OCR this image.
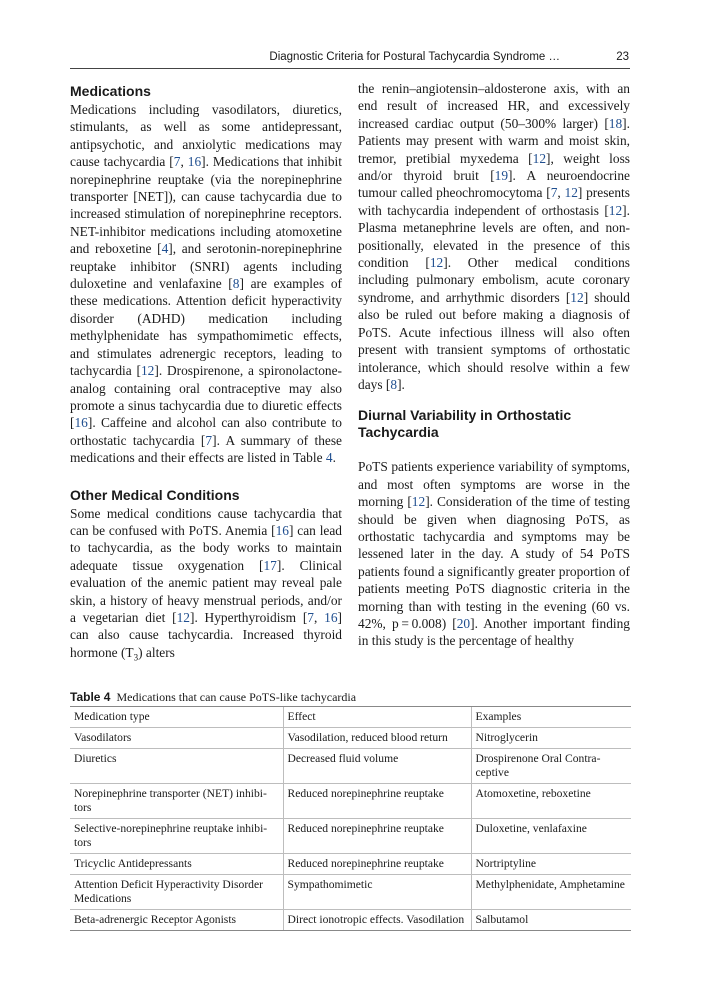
Diagnostic Criteria for Postural Tachycardia Syndrome …	23
Medications

Medications including vasodilators, diuretics, stimulants, as well as some antidepressant, antipsychotic, and anxiolytic medications may cause tachycardia [7, 16]. Medications that inhibit norepinephrine reuptake (via the norepinephrine transporter [NET]), can cause tachycardia due to increased stimulation of norepinephrine receptors. NET-inhibitor medications including atomoxetine and reboxetine [4], and serotonin-norepinephrine reuptake inhibitor (SNRI) agents including duloxetine and venlafaxine [8] are examples of these medications. Attention deficit hyperactivity disorder (ADHD) medication including methylphenidate has sympathomimetic effects, and stimulates adrenergic receptors, leading to tachycardia [12]. Drospirenone, a spironolactone-analog containing oral contraceptive may also promote a sinus tachycardia due to diuretic effects [16]. Caffeine and alcohol can also contribute to orthostatic tachycardia [7]. A summary of these medications and their effects are listed in Table 4.

Other Medical Conditions

Some medical conditions cause tachycardia that can be confused with PoTS. Anemia [16] can lead to tachycardia, as the body works to maintain adequate tissue oxygenation [17]. Clinical evaluation of the anemic patient may reveal pale skin, a history of heavy menstrual periods, and/or a vegetarian diet [12]. Hyperthyroidism [7, 16] can also cause tachycardia. Increased thyroid hormone $(T_3)$ alters

the renin–angiotensin–aldosterone axis, with an end result of increased HR, and excessively increased cardiac output (50–300% larger) [18]. Patients may present with warm and moist skin, tremor, pretibial myxedema [12], weight loss and/or thyroid bruit [19]. A neuroendocrine tumour called pheochromocytoma [7, 12] presents with tachycardia independent of orthostasis [12]. Plasma metanephrine levels are often, and non-positionally, elevated in the presence of this condition [12]. Other medical conditions including pulmonary embolism, acute coronary syndrome, and arrhythmic disorders [12] should also be ruled out before making a diagnosis of PoTS. Acute infectious illness will also often present with transient symptoms of orthostatic intolerance, which should resolve within a few days [8].

Diurnal Variability in Orthostatic Tachycardia

PoTS patients experience variability of symptoms, and most often symptoms are worse in the morning [12]. Consideration of the time of testing should be given when diagnosing PoTS, as orthostatic tachycardia and symptoms may be lessened later in the day. A study of 54 PoTS patients found a significantly greater proportion of patients meeting PoTS diagnostic criteria in the morning than with testing in the evening (60 vs. 42%, p = 0.008) [20]. Another important finding in this study is the percentage of healthy

Table 4 Medications that can cause PoTS-like tachycardia
Medication type	Effect	Examples
Vasodilators	Vasodilation, reduced blood return	Nitroglycerin
Diuretics	Decreased fluid volume	Drospirenone Oral Contraceptive
Norepinephrine transporter (NET) inhibitors	Reduced norepinephrine reuptake	Atomoxetine, reboxetine
Selective-norepinephrine reuptake inhibitors	Reduced norepinephrine reuptake	Duloxetine, venlafaxine
Tricyclic Antidepressants	Reduced norepinephrine reuptake	Nortriptyline
Attention Deficit Hyperactivity Disorder Medications	Sympathomimetic	Methylphenidate, Amphetamine
Beta-adrenergic Receptor Agonists	Direct ionotropic effects. Vasodilation	Salbutamol
